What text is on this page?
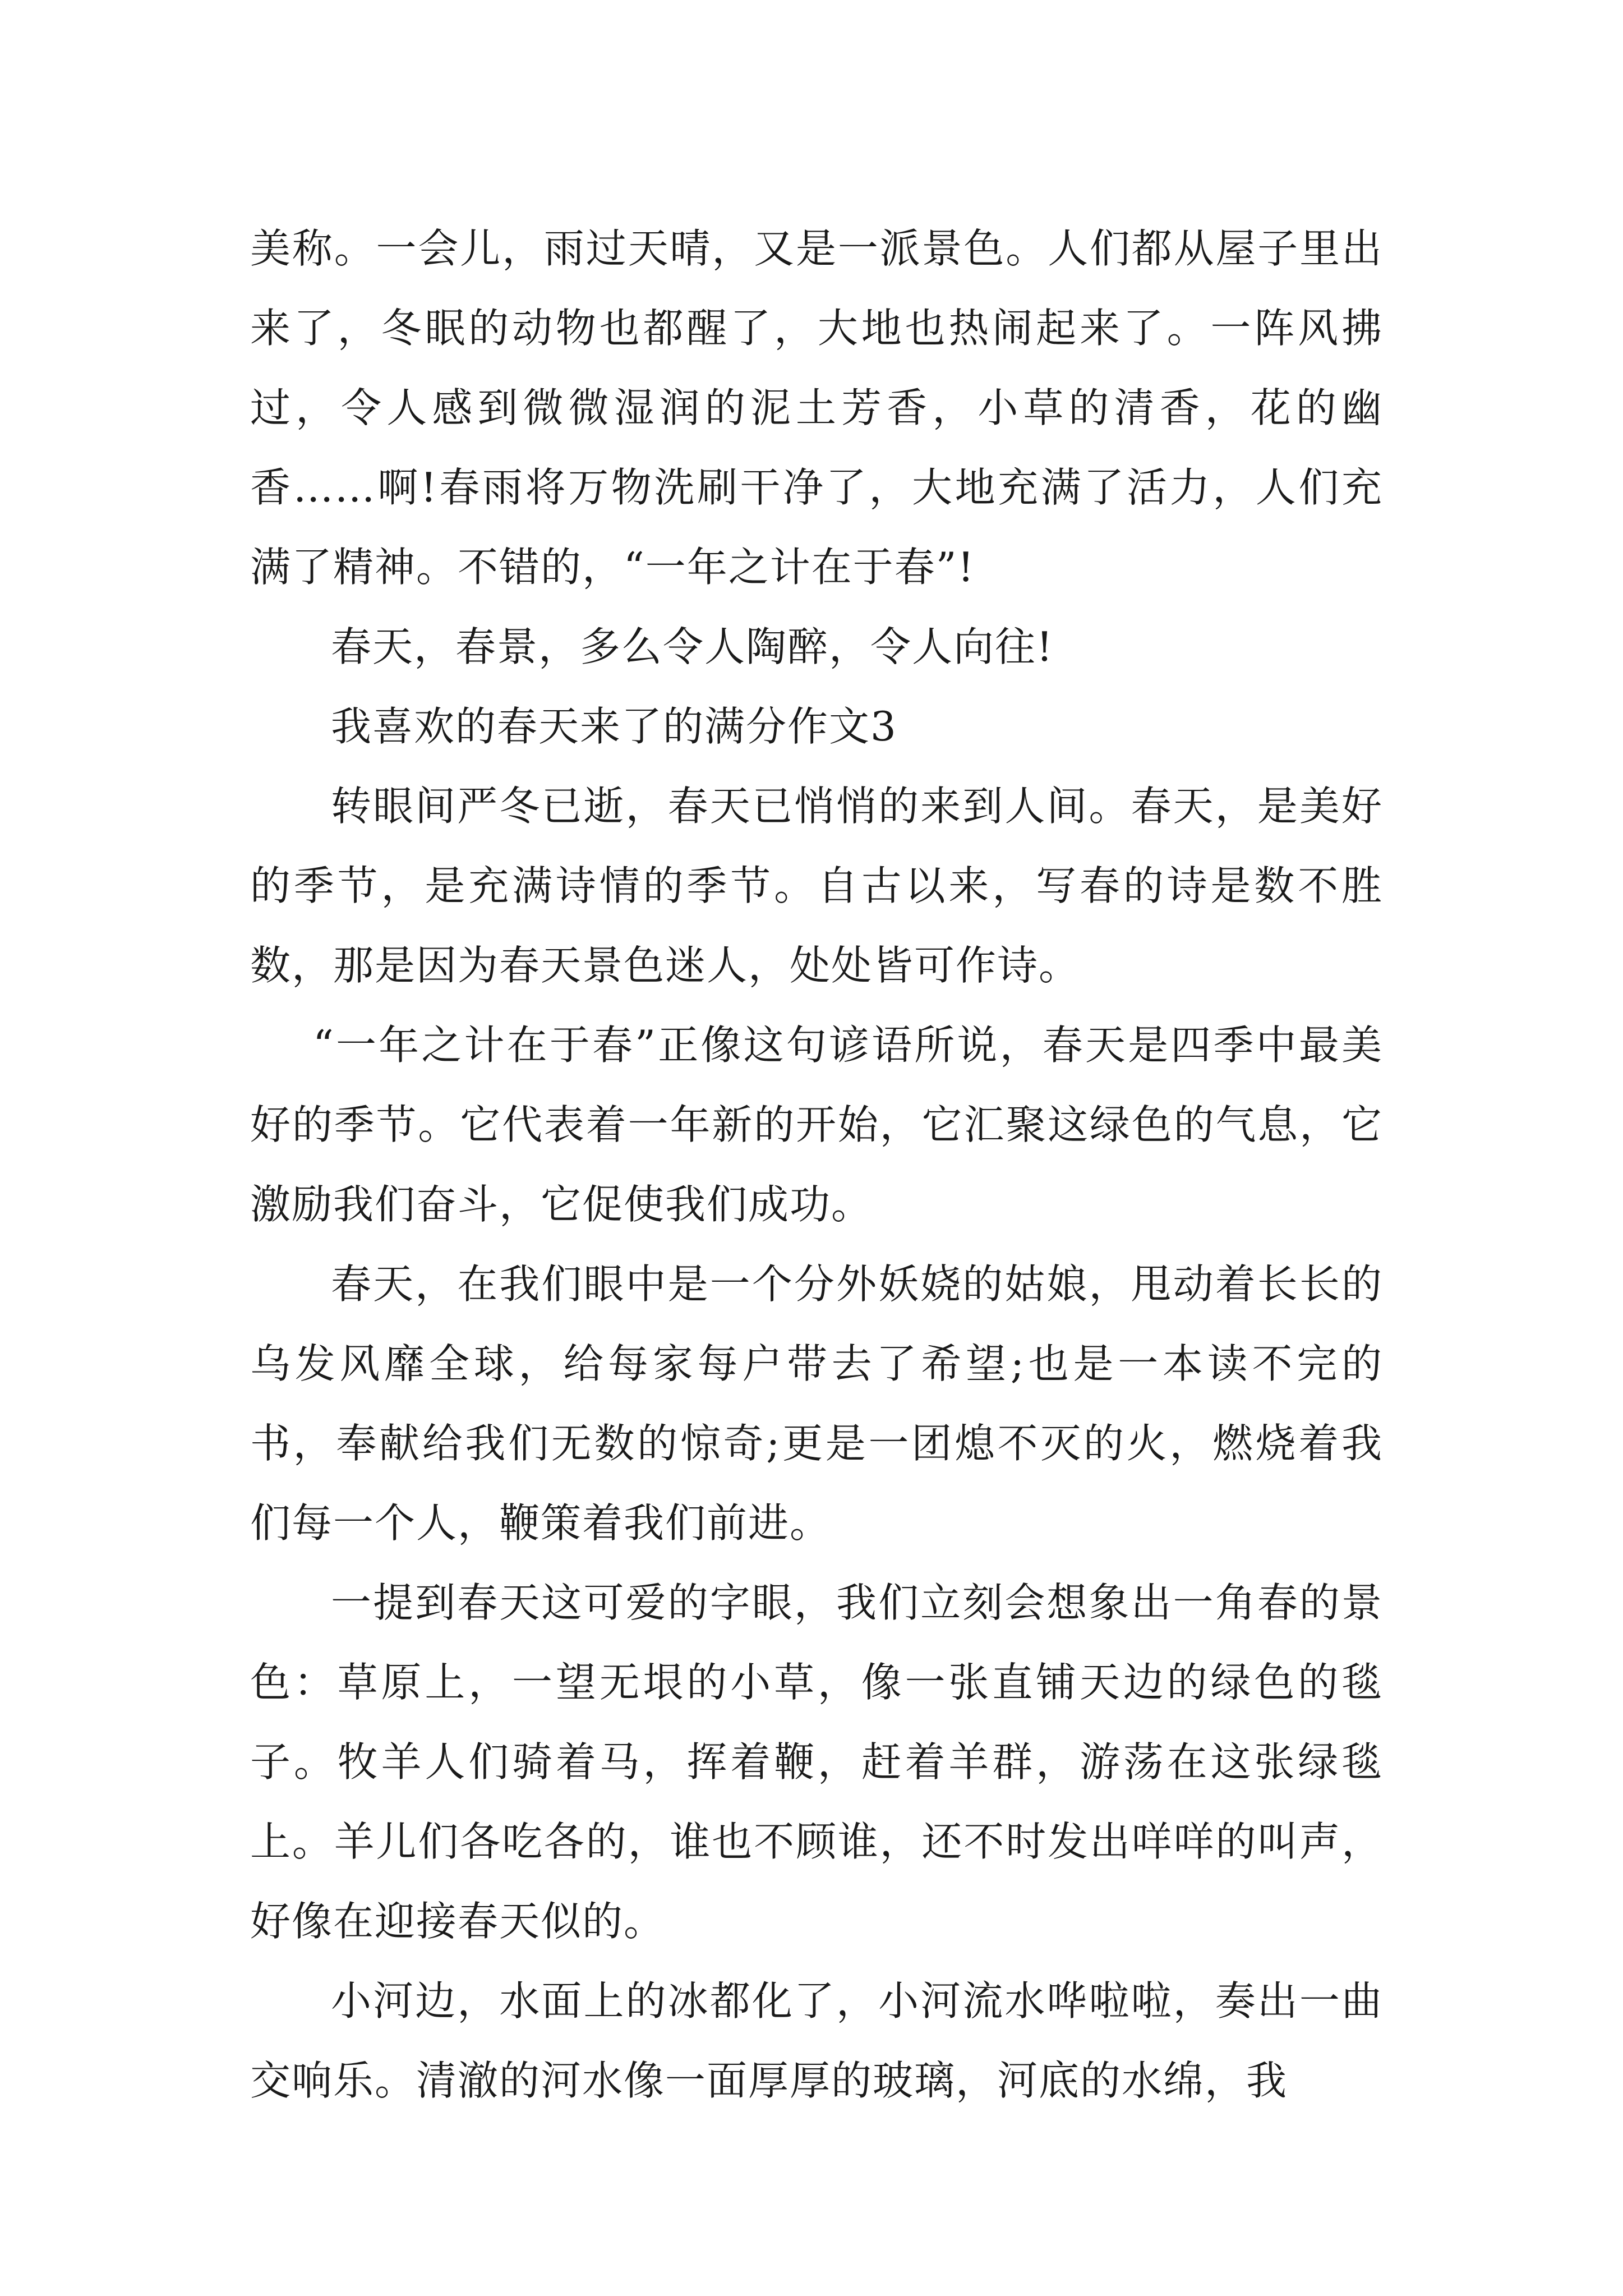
美称。一会儿，雨过天晴，又是一派景色。人们都从屋子里出来了，冬眠的动物也都醒了，大地也热闹起来了。一阵风拂过，令人感到微微湿润的泥土芳香，小草的清香，花的幽香……啊!春雨将万物洗刷干净了，大地充满了活力，人们充满了精神。不错的，“一年之计在于春”!

春天，春景，多么令人陶醉，令人向往!

我喜欢的春天来了的满分作文3

转眼间严冬已逝，春天已悄悄的来到人间。春天，是美好的季节，是充满诗情的季节。自古以来，写春的诗是数不胜数，那是因为春天景色迷人，处处皆可作诗。

“一年之计在于春”正像这句谚语所说，春天是四季中最美好的季节。它代表着一年新的开始，它汇聚这绿色的气息，它激励我们奋斗，它促使我们成功。

春天，在我们眼中是一个分外妖娆的姑娘，甩动着长长的乌发风靡全球，给每家每户带去了希望;也是一本读不完的书，奉献给我们无数的惊奇;更是一团熄不灭的火，燃烧着我们每一个人，鞭策着我们前进。

一提到春天这可爱的字眼，我们立刻会想象出一角春的景色：草原上，一望无垠的小草，像一张直铺天边的绿色的毯子。牧羊人们骑着马，挥着鞭，赶着羊群，游荡在这张绿毯上。羊儿们各吃各的，谁也不顾谁，还不时发出咩咩的叫声，好像在迎接春天似的。

小河边，水面上的冰都化了，小河流水哗啦啦，奏出一曲交响乐。清澈的河水像一面厚厚的玻璃，河底的水绵，我
